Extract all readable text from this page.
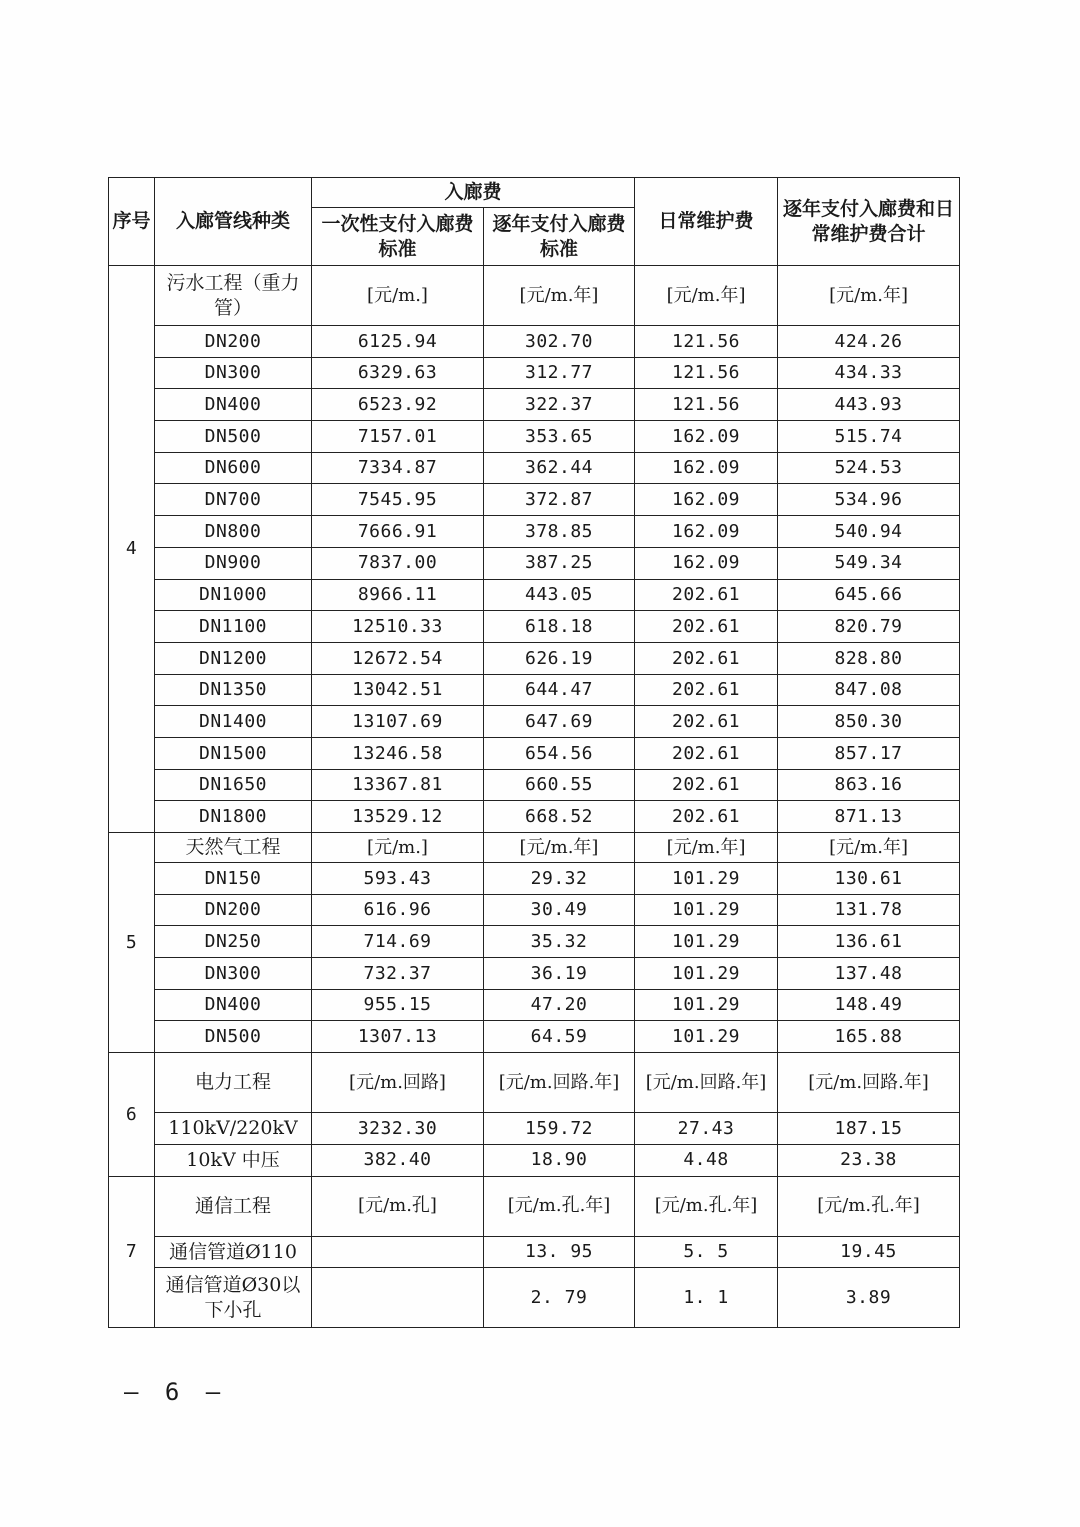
序号	入廊管线种类	入廊费		日常维护费	逐年支付入廊费和日常维护费合计
		一次性支付入廊费标准	逐年支付入廊费标准		
4	污水工程（重力管）	[元/m.]	[元/m.年]	[元/m.年]	[元/m.年]
	DN200	6125.94	302.70	121.56	424.26
	DN300	6329.63	312.77	121.56	434.33
	DN400	6523.92	322.37	121.56	443.93
	DN500	7157.01	353.65	162.09	515.74
	DN600	7334.87	362.44	162.09	524.53
	DN700	7545.95	372.87	162.09	534.96
	DN800	7666.91	378.85	162.09	540.94
	DN900	7837.00	387.25	162.09	549.34
	DN1000	8966.11	443.05	202.61	645.66
	DN1100	12510.33	618.18	202.61	820.79
	DN1200	12672.54	626.19	202.61	828.80
	DN1350	13042.51	644.47	202.61	847.08
	DN1400	13107.69	647.69	202.61	850.30
	DN1500	13246.58	654.56	202.61	857.17
	DN1650	13367.81	660.55	202.61	863.16
	DN1800	13529.12	668.52	202.61	871.13
5	天然气工程	[元/m.]	[元/m.年]	[元/m.年]	[元/m.年]
	DN150	593.43	29.32	101.29	130.61
	DN200	616.96	30.49	101.29	131.78
	DN250	714.69	35.32	101.29	136.61
	DN300	732.37	36.19	101.29	137.48
	DN400	955.15	47.20	101.29	148.49
	DN500	1307.13	64.59	101.29	165.88
6	电力工程	[元/m.回路]	[元/m.回路.年]	[元/m.回路.年]	[元/m.回路.年]
	110kV/220kV	3232.30	159.72	27.43	187.15
	10kV 中压	382.40	18.90	4.48	23.38
7	通信工程	[元/m.孔]	[元/m.孔.年]	[元/m.孔.年]	[元/m.孔.年]
	通信管道Ø110		13. 95	5. 5	19.45
	通信管道Ø30以下小孔		2. 79	1. 1	3.89
– 6 –
